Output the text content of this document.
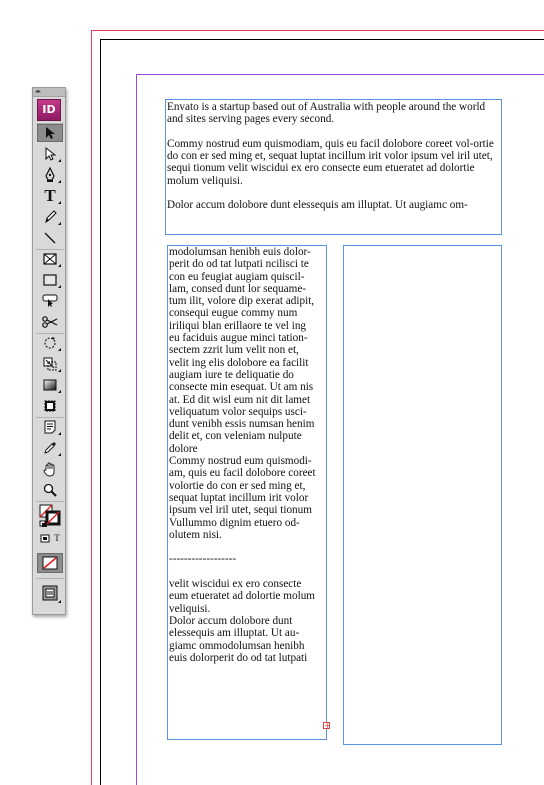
Envato is a startup based out of Australia with people around the world and sites serving pages every second.

Commy nostrud eum quismodiam, quis eu facil dolobore coreet vol-ortie do con er sed ming et, sequat luptat incillum irit volor ipsum vel iril utet, sequi tionum velit wiscidui ex ero consecte eum etueratet ad dolortie molum veliquisi.

Dolor accum dolobore dunt elessequis am illuptat. Ut augiamc om-
modolumsan henibh euis dolor-
perit do od tat lutpati ncilisci te
con eu feugiat augiam quiscil-
lam, consed dunt lor sequame-
tum ilit, volore dip exerat adipit,
consequi eugue commy num
iriliqui blan erillaore te vel ing
eu faciduis augue minci tation-
sectem zzrit lum velit non et,
velit ing elis dolobore ea facilit
augiam iure te deliquatie do
consecte min esequat. Ut am nis
at. Ed dit wisl eum nit dit lamet
veliquatum volor sequips usci-
dunt venibh essis numsan henim
delit et, con veleniam nulpute
dolore
Commy nostrud eum quismodi-
am, quis eu facil dolobore coreet
volortie do con er sed ming et,
sequat luptat incillum irit volor
ipsum vel iril utet, sequi tionum
Vullummo dignim etuero od-
olutem nisi.

------------------

velit wiscidui ex ero consecte
eum etueratet ad dolortie molum
veliquisi.
Dolor accum dolobore dunt
elessequis am illuptat. Ut au-
giamc ommodolumsan henibh
euis dolorperit do od tat lutpati
+
◂▸
ID
T
T
